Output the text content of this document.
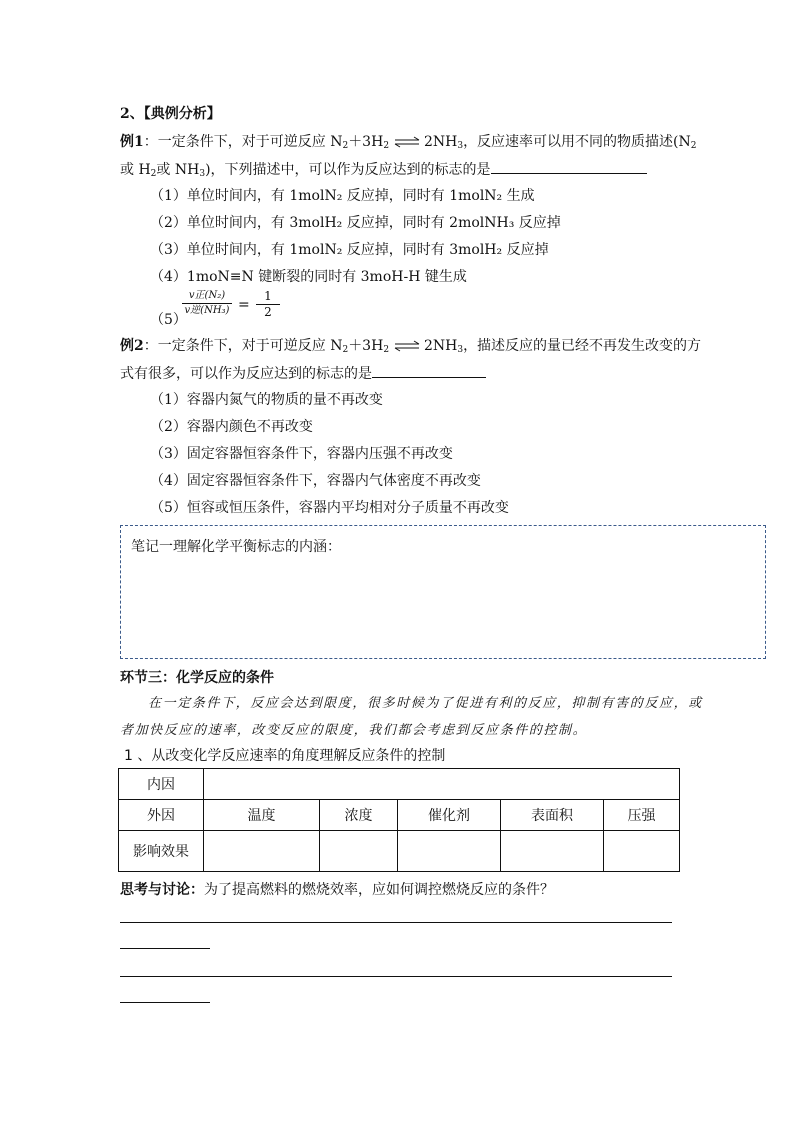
2、【典例分析】
例1：一定条件下，对于可逆反应 $N_2+3H_2$ ⇌ $2NH_3$，反应速率可以用不同的物质描述($N_2$
或 $H_2$或 $NH_3$)，下列描述中，可以作为反应达到的标志的是
（1）单位时间内，有 1molN₂ 反应掉，同时有 1molN₂ 生成
（2）单位时间内，有 3molH₂ 反应掉，同时有 2molNH₃ 反应掉
（3）单位时间内，有 1molN₂ 反应掉，同时有 3molH₂ 反应掉
（4）1moN≡N 键断裂的同时有 3moH-H 键生成
（5）
v正(N₂)
v逆(NH₃) =
1
2
例2：一定条件下，对于可逆反应 $N_2+3H_2$ ⇌ $2NH_3$，描述反应的量已经不再发生改变的方
式有很多，可以作为反应达到的标志的是
（1）容器内氮气的物质的量不再改变
（2）容器内颜色不再改变
（3）固定容器恒容条件下，容器内压强不再改变
（4）固定容器恒容条件下，容器内气体密度不再改变
（5）恒容或恒压条件，容器内平均相对分子质量不再改变
笔记一理解化学平衡标志的内涵：
环节三：化学反应的条件
在一定条件下，反应会达到限度，很多时候为了促进有利的反应，抑制有害的反应，或
者加快反应的速率，改变反应的限度，我们都会考虑到反应条件的控制。
1 、从改变化学反应速率的角度理解反应条件的控制
内因					
外因	温度	浓度	催化剂	表面积	压强
影响效果					
思考与讨论：为了提高燃料的燃烧效率，应如何调控燃烧反应的条件？
